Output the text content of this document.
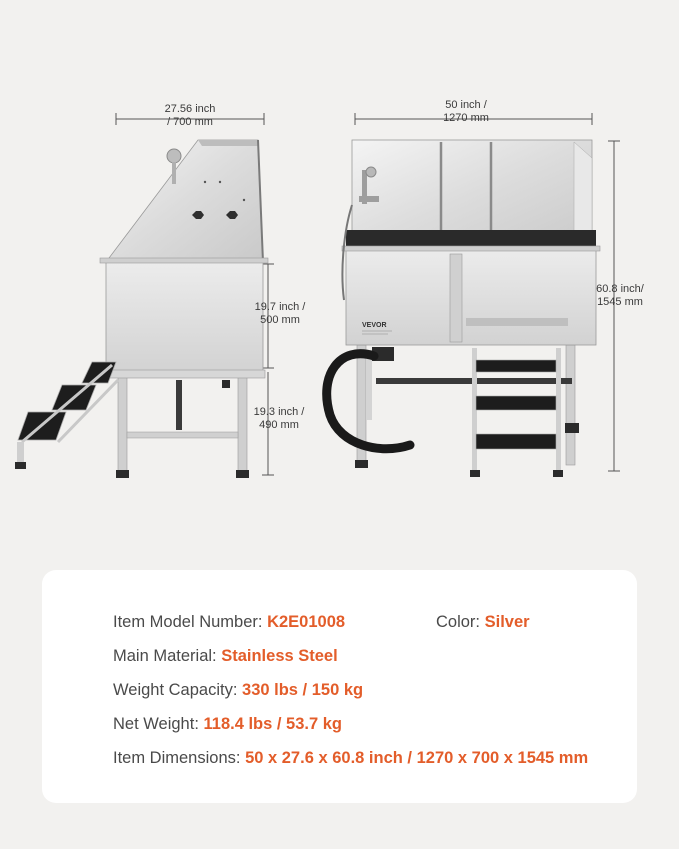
VEVOR
27.56 inch
/ 700 mm
50 inch /
1270 mm
60.8 inch/
1545 mm
19.7 inch /
500 mm
19.3 inch /
490 mm
Item Model Number: K2E01008	Color: Silver
Main Material: Stainless Steel
Weight Capacity: 330 lbs / 150 kg
Net Weight: 118.4 lbs / 53.7 kg
Item Dimensions: 50 x 27.6 x 60.8 inch / 1270 x 700 x 1545 mm
